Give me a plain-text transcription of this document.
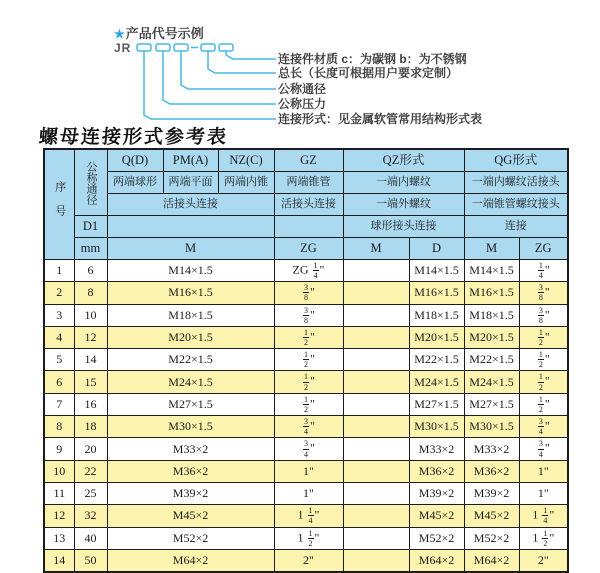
★产品代号示例
JR
连接件材质 c：为碳钢 b：为不锈钢
总长（长度可根据用户要求定制）
公称通径
公称压力
连接形式：见金属软管常用结构形式表
螺母连接形式参考表
序号	公称通径	Q(D)	PM(A)	NZ(C)	GZ	QZ形式		QG形式	
		两端球形	两端平面	两端内锥	两端锥管	一端内螺纹		一端内螺纹活接头	
		活接头连接			活接头连接	一端外螺纹		一端锥管螺纹接头	
	D1					球形接头连接		连接	
	mm	M			ZG	M	D	M	ZG
1	6	M14×1.5			ZG $\frac{1}{4}$ "		M14×1.5	M14×1.5	$\frac{1}{4}$ "
2	8	M16×1.5			$\frac{3}{8}$ "		M16×1.5	M16×1.5	$\frac{3}{8}$ "
3	10	M18×1.5			$\frac{3}{8}$ "		M18×1.5	M18×1.5	$\frac{3}{8}$ "
4	12	M20×1.5			$\frac{1}{2}$ "		M20×1.5	M20×1.5	$\frac{1}{2}$ "
5	14	M22×1.5			$\frac{1}{2}$ "		M22×1.5	M22×1.5	$\frac{1}{2}$ "
6	15	M24×1.5			$\frac{1}{2}$ "		M24×1.5	M24×1.5	$\frac{1}{2}$ "
7	16	M27×1.5			$\frac{1}{2}$ "		M27×1.5	M27×1.5	$\frac{1}{2}$ "
8	18	M30×1.5			$\frac{3}{4}$ "		M30×1.5	M30×1.5	$\frac{3}{4}$ "
9	20	M33×2			$\frac{3}{4}$ "		M33×2	M33×2	$\frac{3}{4}$ "
10	22	M36×2			1"		M36×2	M36×2	1"
11	25	M39×2			1"		M39×2	M39×2	1"
12	32	M45×2			$1 \frac{1}{4}$ "		M45×2	M45×2	$1 \frac{1}{4}$ "
13	40	M52×2			$1 \frac{1}{2}$ "		M52×2	M52×2	$1 \frac{1}{2}$ "
14	50	M64×2			2"		M64×2	M64×2	2"
